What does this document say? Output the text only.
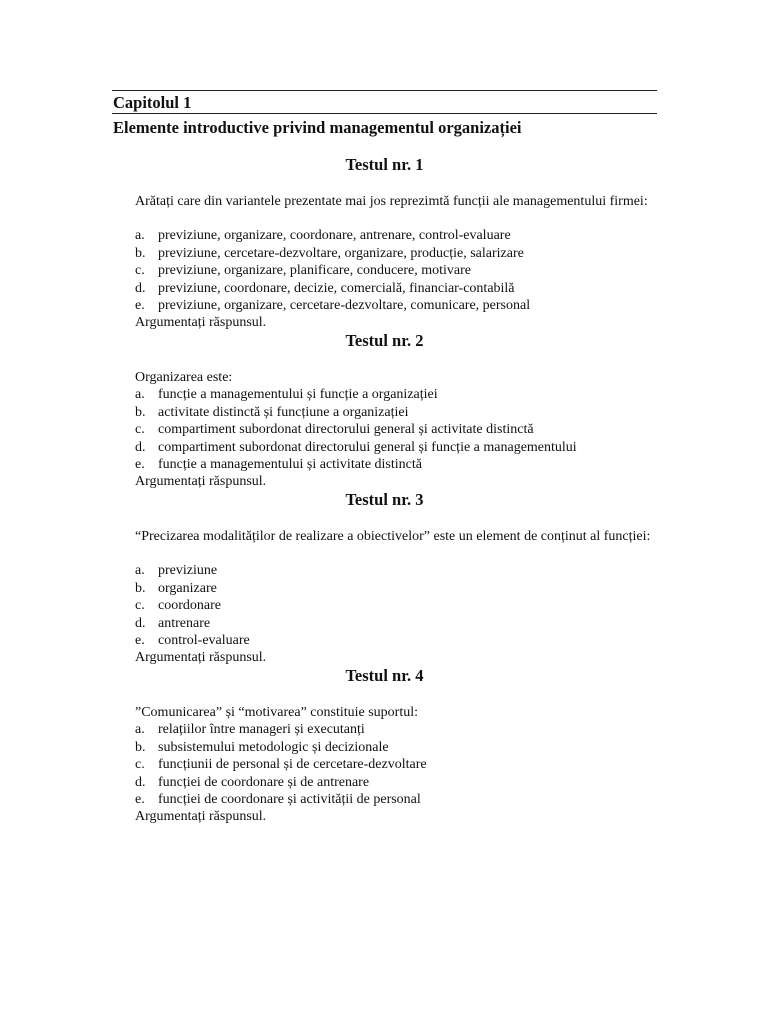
Capitolul 1
Elemente introductive privind managementul organizației
Testul nr. 1
Arătați care din variantele prezentate mai jos reprezimtă funcții ale managementului firmei:
a. previziune, organizare, coordonare, antrenare, control-evaluare
b. previziune, cercetare-dezvoltare, organizare, producție, salarizare
c. previziune, organizare, planificare, conducere, motivare
d. previziune, coordonare, decizie, comercială, financiar-contabilă
e. previziune, organizare, cercetare-dezvoltare, comunicare, personal
Argumentați răspunsul.
Testul nr. 2
Organizarea este:
a. funcție a managementului și funcție a organizației
b. activitate distinctă și funcțiune a organizației
c. compartiment subordonat directorului general și activitate distinctă
d. compartiment subordonat directorului general și funcție a managementului
e. funcție a managementului și activitate distinctă
Argumentați răspunsul.
Testul nr. 3
“Precizarea modalităților de realizare a obiectivelor” este un element de conținut al funcției:
a. previziune
b. organizare
c. coordonare
d. antrenare
e. control-evaluare
Argumentați răspunsul.
Testul nr. 4
”Comunicarea” și “motivarea” constituie suportul:
a. relațiilor între manageri și executanți
b. subsistemului metodologic și decizionale
c. funcțiunii de personal și de cercetare-dezvoltare
d. funcției de coordonare și de antrenare
e. funcției de coordonare și activității de personal
Argumentați răspunsul.
